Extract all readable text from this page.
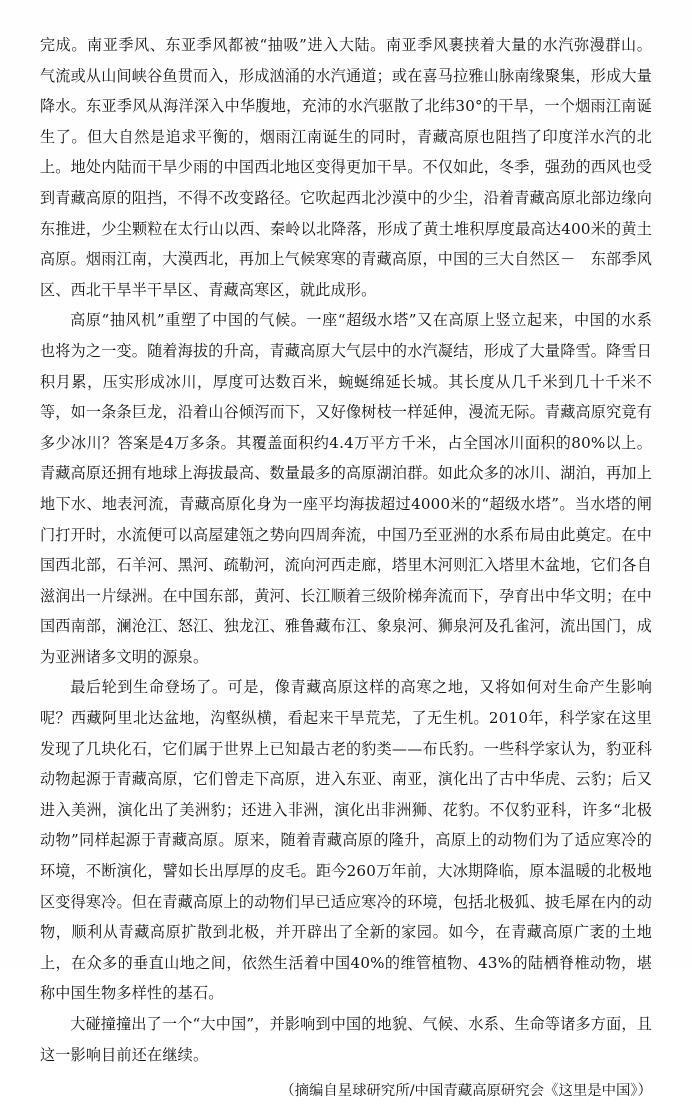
完成。南亚季风、东亚季风都被“抽吸”进入大陆。南亚季风裹挟着大量的水汽弥漫群山。气流或从山间峡谷鱼贯而入，形成汹涌的水汽通道；或在喜马拉雅山脉南缘聚集，形成大量降水。东亚季风从海洋深入中华腹地，充沛的水汽驱散了北纬30°的干旱，一个烟雨江南诞生了。但大自然是追求平衡的，烟雨江南诞生的同时，青藏高原也阻挡了印度洋水汽的北上。地处内陆而干旱少雨的中国西北地区变得更加干旱。不仅如此，冬季，强劲的西风也受到青藏高原的阻挡，不得不改变路径。它吹起西北沙漠中的少尘，沿着青藏高原北部边缘向东推进，少尘颗粒在太行山以西、秦岭以北降落，形成了黄土堆积厚度最高达400米的黄土高原。烟雨江南，大漠西北，再加上气候寒寒的青藏高原，中国的三大自然区－　东部季风区、西北干旱半干旱区、青藏高寒区，就此成形。

高原“抽风机”重塑了中国的气候。一座“超级水塔”又在高原上竖立起来，中国的水系也将为之一变。随着海拔的升高，青藏高原大气层中的水汽凝结，形成了大量降雪。降雪日积月累，压实形成冰川，厚度可达数百米，蜿蜒绵延长城。其长度从几千米到几十千米不等，如一条条巨龙，沿着山谷倾泻而下，又好像树枝一样延伸，漫流无际。青藏高原究竟有多少冰川？答案是4万多条。其覆盖面积约4.4万平方千米，占全国冰川面积的80%以上。青藏高原还拥有地球上海拔最高、数量最多的高原湖泊群。如此众多的冰川、湖泊，再加上地下水、地表河流，青藏高原化身为一座平均海拔超过4000米的“超级水塔”。当水塔的闸门打开时，水流便可以高屋建瓴之势向四周奔流，中国乃至亚洲的水系布局由此奠定。在中国西北部，石羊河、黑河、疏勒河，流向河西走廊，塔里木河则汇入塔里木盆地，它们各自滋润出一片绿洲。在中国东部，黄河、长江顺着三级阶梯奔流而下，孕育出中华文明；在中国西南部，澜沧江、怒江、独龙江、雅鲁藏布江、象泉河、狮泉河及孔雀河，流出国门，成为亚洲诸多文明的源泉。

最后轮到生命登场了。可是，像青藏高原这样的高寒之地，又将如何对生命产生影响呢？西藏阿里北达盆地，沟壑纵横，看起来干旱荒芜，了无生机。2010年，科学家在这里发现了几块化石，它们属于世界上已知最古老的豹类——布氏豹。一些科学家认为，豹亚科动物起源于青藏高原，它们曾走下高原，进入东亚、南亚，演化出了古中华虎、云豹；后又进入美洲，演化出了美洲豹；还进入非洲，演化出非洲狮、花豹。不仅豹亚科，许多“北极动物”同样起源于青藏高原。原来，随着青藏高原的隆升，高原上的动物们为了适应寒冷的环境，不断演化，譬如长出厚厚的皮毛。距今260万年前，大冰期降临，原本温暖的北极地区变得寒冷。但在青藏高原上的动物们早已适应寒冷的环境，包括北极狐、披毛犀在内的动物，顺利从青藏高原扩散到北极，并开辟出了全新的家园。如今，在青藏高原广袤的土地上，在众多的垂直山地之间，依然生活着中国40%的维管植物、43%的陆栖脊椎动物，堪称中国生物多样性的基石。

大碰撞撞出了一个“大中国”，并影响到中国的地貌、气候、水系、生命等诸多方面，且这一影响目前还在继续。

（摘编自星球研究所/中国青藏高原研究会《这里是中国》）
